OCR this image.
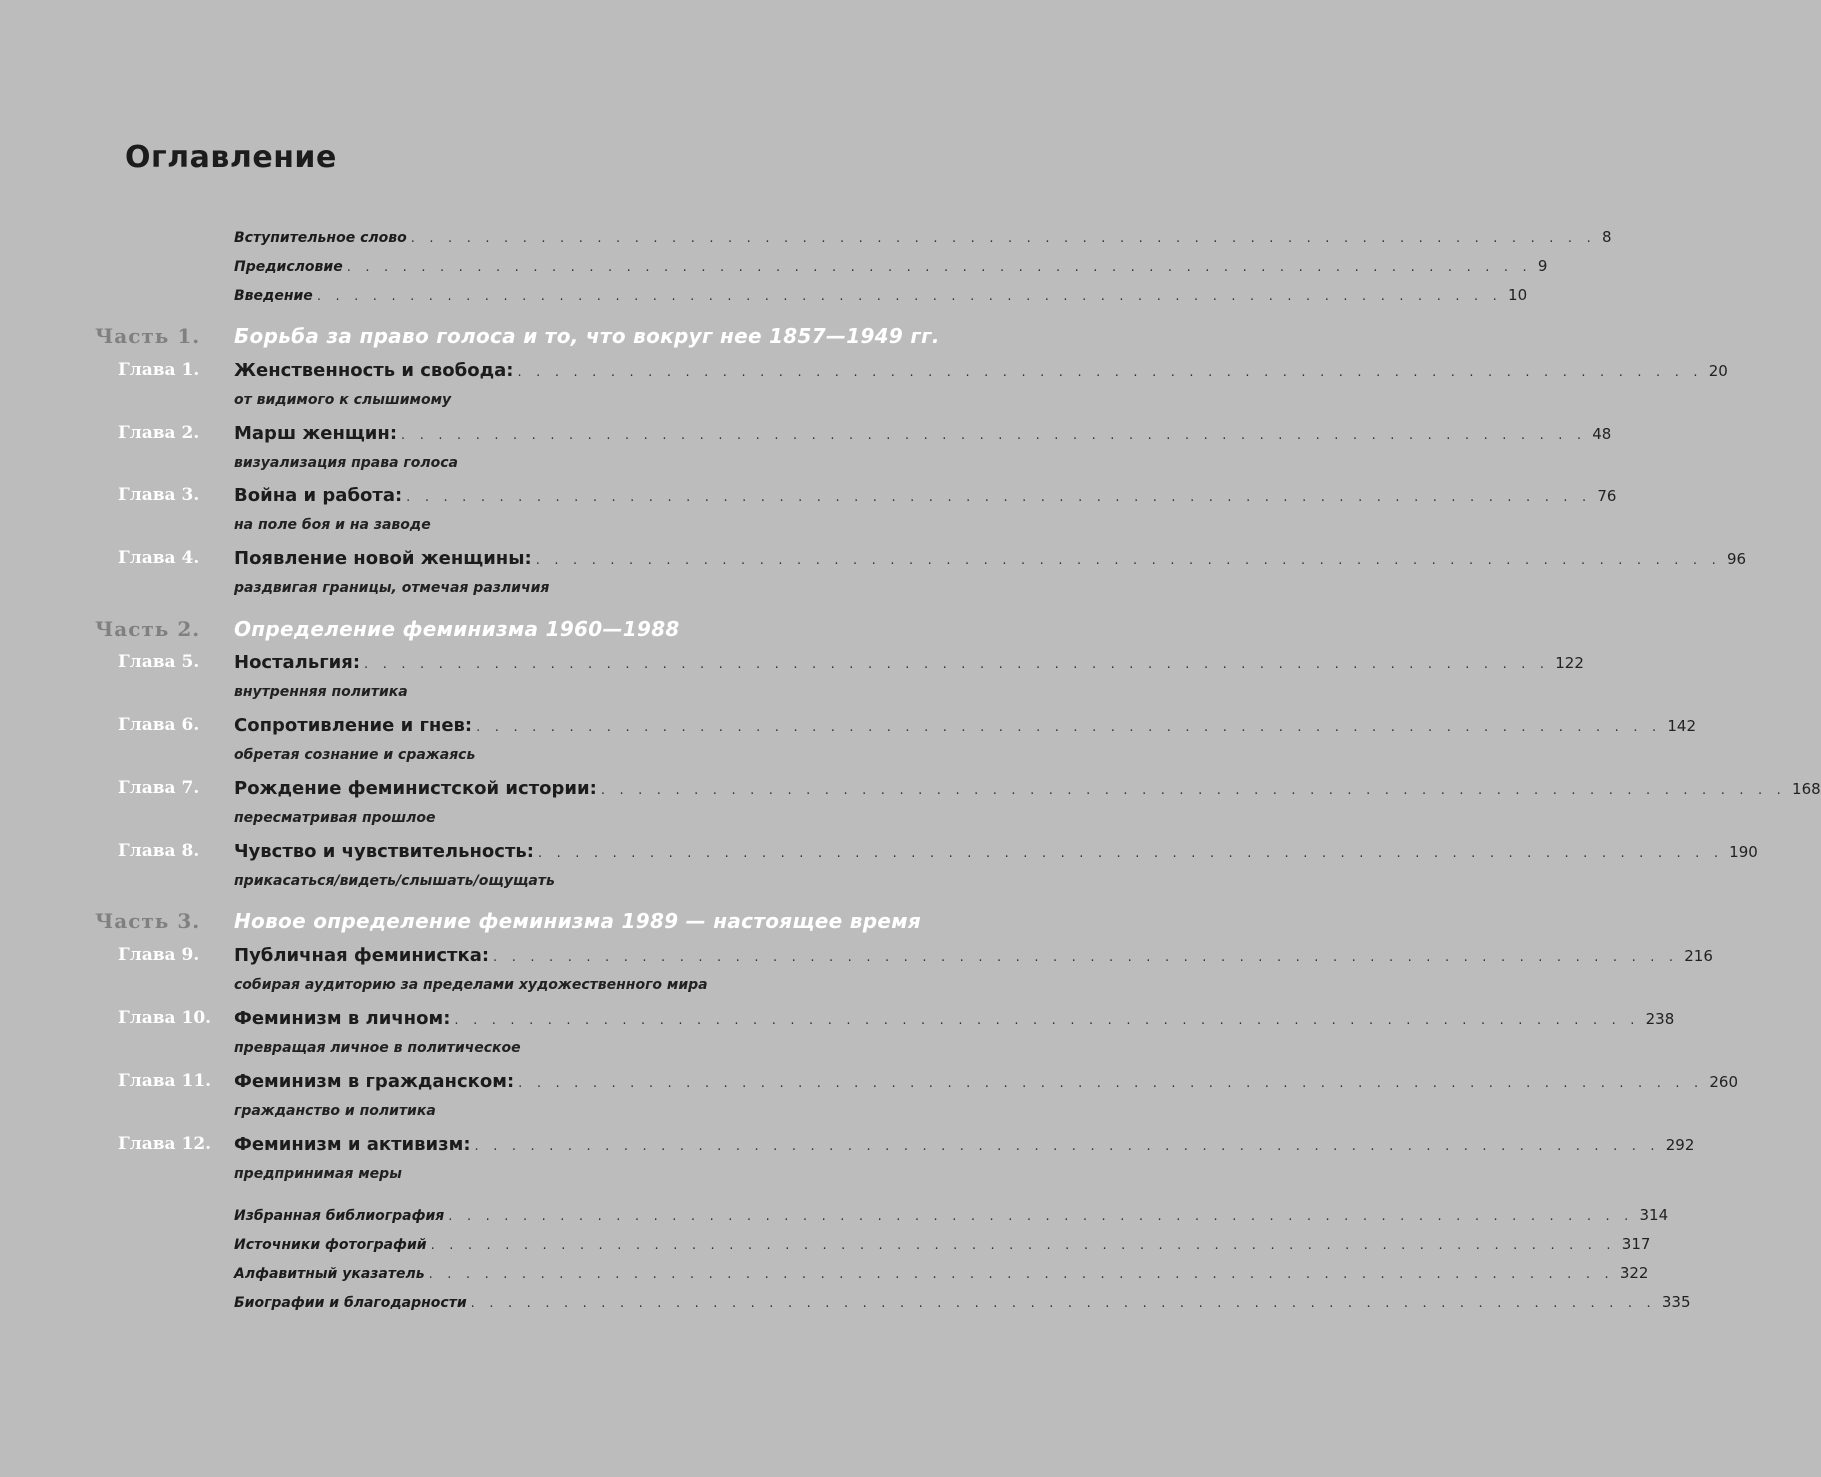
Оглавление
Вступительное слово . . . . . . . . . . . . . . . . . . . . . . . . . . . . . . . . . . . . . . . . . . . . . . . . . . . . . . . . . . . . . . . . 8
Предисловие . . . . . . . . . . . . . . . . . . . . . . . . . . . . . . . . . . . . . . . . . . . . . . . . . . . . . . . . . . . . . . . . 9
Введение . . . . . . . . . . . . . . . . . . . . . . . . . . . . . . . . . . . . . . . . . . . . . . . . . . . . . . . . . . . . . . . . 10
Часть 1. Борьба за право голоса и то, что вокруг нее 1857—1949 гг.
Глава 1. Женственность и свобода: . . . . . . . . . . . . . . . . . . . . . . . . . . . . . . . . . . . . . . . . . . . . . . . . . . . . . . . . . . . . . . . . 20
от видимого к слышимому
Глава 2. Марш женщин: . . . . . . . . . . . . . . . . . . . . . . . . . . . . . . . . . . . . . . . . . . . . . . . . . . . . . . . . . . . . . . . . 48
визуализация права голоса
Глава 3. Война и работа: . . . . . . . . . . . . . . . . . . . . . . . . . . . . . . . . . . . . . . . . . . . . . . . . . . . . . . . . . . . . . . . . 76
на поле боя и на заводе
Глава 4. Появление новой женщины: . . . . . . . . . . . . . . . . . . . . . . . . . . . . . . . . . . . . . . . . . . . . . . . . . . . . . . . . . . . . . . . . 96
раздвигая границы, отмечая различия
Часть 2. Определение феминизма 1960—1988
Глава 5. Ностальгия: . . . . . . . . . . . . . . . . . . . . . . . . . . . . . . . . . . . . . . . . . . . . . . . . . . . . . . . . . . . . . . . . 122
внутренняя политика
Глава 6. Сопротивление и гнев: . . . . . . . . . . . . . . . . . . . . . . . . . . . . . . . . . . . . . . . . . . . . . . . . . . . . . . . . . . . . . . . . 142
обретая сознание и сражаясь
Глава 7. Рождение феминистской истории: . . . . . . . . . . . . . . . . . . . . . . . . . . . . . . . . . . . . . . . . . . . . . . . . . . . . . . . . . . . . . . . . 168
пересматривая прошлое
Глава 8. Чувство и чувствительность: . . . . . . . . . . . . . . . . . . . . . . . . . . . . . . . . . . . . . . . . . . . . . . . . . . . . . . . . . . . . . . . . 190
прикасаться/видеть/слышать/ощущать
Часть 3. Новое определение феминизма 1989 — настоящее время
Глава 9. Публичная феминистка: . . . . . . . . . . . . . . . . . . . . . . . . . . . . . . . . . . . . . . . . . . . . . . . . . . . . . . . . . . . . . . . . 216
собирая аудиторию за пределами художественного мира
Глава 10. Феминизм в личном: . . . . . . . . . . . . . . . . . . . . . . . . . . . . . . . . . . . . . . . . . . . . . . . . . . . . . . . . . . . . . . . . 238
превращая личное в политическое
Глава 11. Феминизм в гражданском: . . . . . . . . . . . . . . . . . . . . . . . . . . . . . . . . . . . . . . . . . . . . . . . . . . . . . . . . . . . . . . . . 260
гражданство и политика
Глава 12. Феминизм и активизм: . . . . . . . . . . . . . . . . . . . . . . . . . . . . . . . . . . . . . . . . . . . . . . . . . . . . . . . . . . . . . . . . 292
предпринимая меры
Избранная библиография . . . . . . . . . . . . . . . . . . . . . . . . . . . . . . . . . . . . . . . . . . . . . . . . . . . . . . . . . . . . . . . . 314
Источники фотографий . . . . . . . . . . . . . . . . . . . . . . . . . . . . . . . . . . . . . . . . . . . . . . . . . . . . . . . . . . . . . . . . 317
Алфавитный указатель . . . . . . . . . . . . . . . . . . . . . . . . . . . . . . . . . . . . . . . . . . . . . . . . . . . . . . . . . . . . . . . . 322
Биографии и благодарности . . . . . . . . . . . . . . . . . . . . . . . . . . . . . . . . . . . . . . . . . . . . . . . . . . . . . . . . . . . . . . . . 335
